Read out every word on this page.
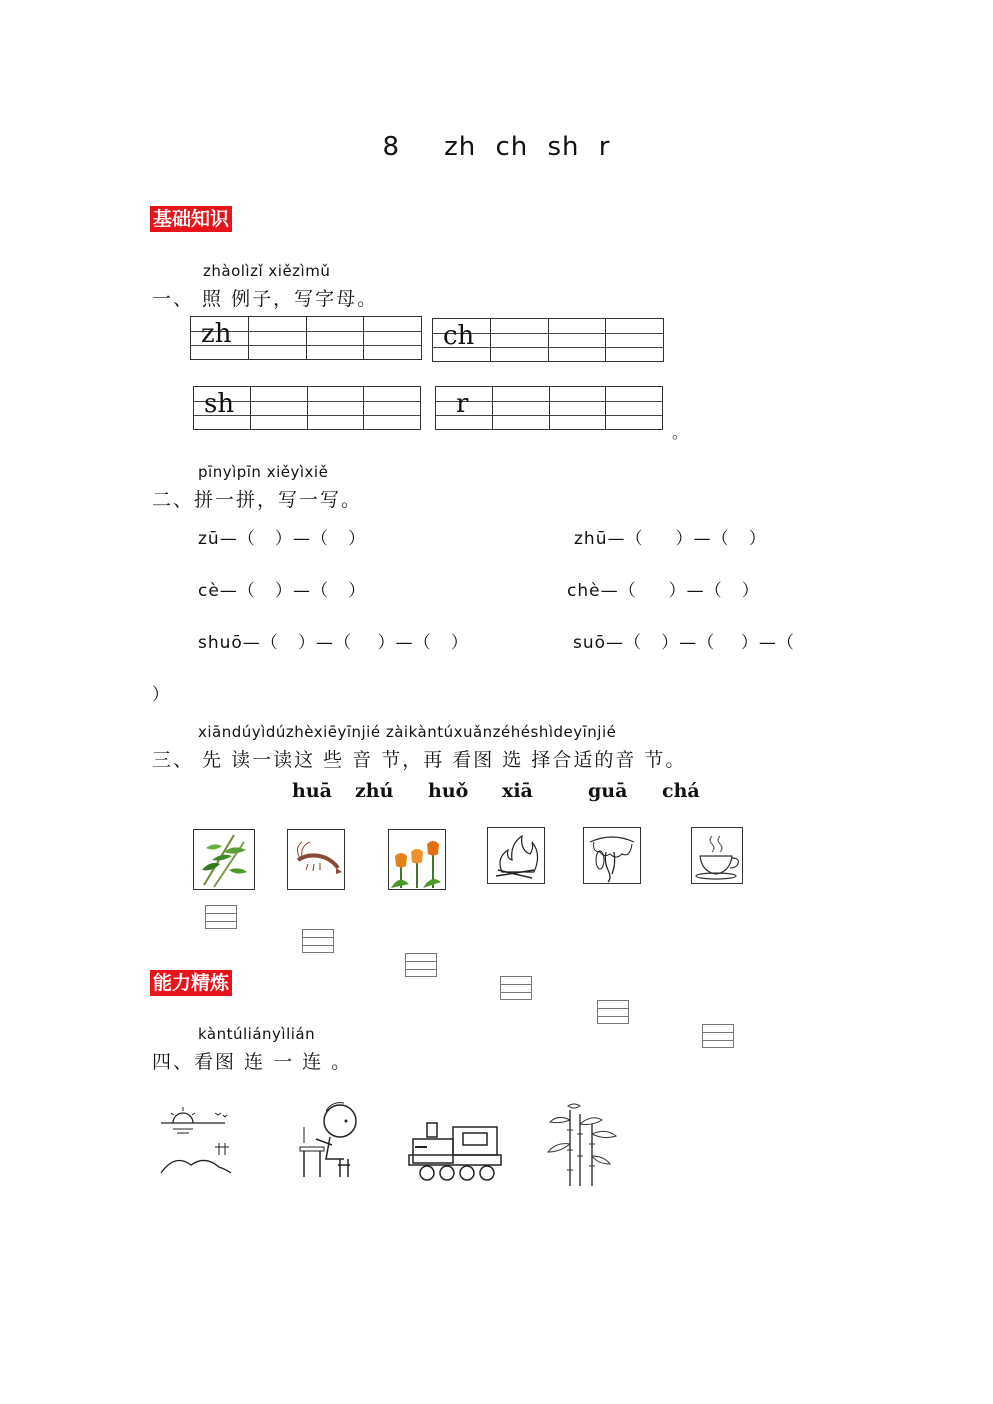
8 zh ch sh r
基础知识
zhàolìzǐ xiězìmǔ
一、 照 例子，写字母。
zh	ch
sh	r
。
pīnyìpīn xiěyìxiě
二、拼一拼，写一写。
zū—（   ）—（   ）	zhū—（     ）—（   ）
cè—（   ）—（   ）	chè—（     ）—（   ）
shuō—（   ）—（    ）—（   ）	suō—（   ）—（    ）—（
）
xiāndúyìdúzhèxiēyīnjié zàikàntúxuǎnzéhéshìdeyīnjié
三、 先 读一读这 些 音 节，再 看图 选 择合适的音 节。
huā zhú huǒ xiā	guā chá
能力精炼
kàntúliányìlián
四、看图 连 一 连 。
